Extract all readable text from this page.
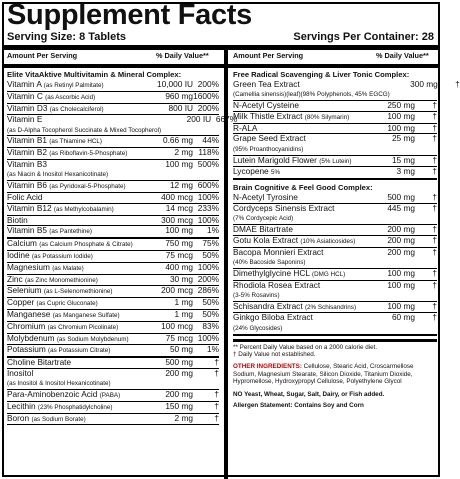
Supplement Facts
Serving Size: 8 Tablets	Servings Per Container: 28
Amount Per Serving	% Daily Value**	Amount Per Serving	% Daily Value**
Elite VitaAktive Multivitamin & Mineral Complex:
Vitamin A (as Retinyl Palmitate)	10,000 IU 200%
Vitamin C (as Ascorbic Acid)	960 mg 1600%
Vitamin D3 (as Cholecalciferol)	800 IU 200%
Vitamin E
(as D-Alpha Tocopherol Succinate & Mixed Tocopherol)
200 IU 667%
Vitamin B1 (as Thiamine HCL)	0.66 mg	44%
Vitamin B2 (as Riboflavin-5-Phosphate)	2 mg 118%
Vitamin B3
(as Niacin & Inositol Hexanicotinate)
100 mg 500%
Vitamin B6 (as Pyridoxal-5-Phosphate)	12 mg 600%
Folic Acid	400 mcg 100%
Vitamin B12 (as Methylcobalamin)	14 mcg 233%
Biotin	300 mcg 100%
Vitamin B5 (as Pantethine)	100 mg	1%
Calcium (as Calcium Phosphate & Citrate)	750 mg	75%
Iodine (as Potassium Iodide)	75 mcg	50%
Magnesium (as Malate)	400 mg 100%
Zinc (as Zinc Monomethionine)	30 mg 200%
Selenium (as L-Selenomethionine)	200 mcg 286%
Copper (as Cupric Gluconate)	1 mg	50%
Manganese (as Manganese Sulfate)	1 mg	50%
Chromium (as Chromium Picolinate)	100 mcg	83%
Molybdenum (as Sodium Molybdenum)	75 mcg 100%
Potassium (as Potassium Citrate)	50 mg	1%
Choline Bitartrate	500 mg	†
Inositol
(as Inositol & Inositol Hexanicotinate)
200 mg	†
Para-Aminobenzoic Acid (PABA)	200 mg	†
Lecithin (23% Phosphatidylcholine)	150 mg	†
Boron (as Sodium Borate)	2 mg	†
Free Radical Scavenging & Liver Tonic Complex:
Green Tea Extract
(Camellia sinensis)(leaf)(98% Polyphenols, 45% EGCG)
300 mg	†
N-Acetyl Cysteine	250 mg	†
Milk Thistle Extract (80% Silymarin)	100 mg	†
R-ALA	100 mg	†
Grape Seed Extract
(95% Proanthocyanidins)
25 mg	†
Lutein Marigold Flower (5% Lutein)	15 mg	†
Lycopene 5%	3 mg	†
Brain Cognitive & Feel Good Complex:
N-Acetyl Tyrosine	500 mg	†
Cordyceps Sinensis Extract
(7% Cordycepic Acid)
445 mg	†
DMAE Bitartrate	200 mg	†
Gotu Kola Extract (10% Asiaticosides)	200 mg	†
Bacopa Monnieri Extract
(40% Bacoside Saponins)
200 mg	†
Dimethylglycine HCL (DMG HCL)	100 mg	†
Rhodiola Rosea Extract
(3-5% Rosavins)
100 mg	†
Schisandra Extract (2% Schisandrins)	100 mg	†
Ginkgo Biloba Extract
(24% Glycosides)
60 mg	†
** Percent Daily Value based on a 2000 calorie diet.
† Daily Value not established.
OTHER INGREDIENTS: Cellulose, Stearic Acid, Croscarmellose Sodium, Magnesium Stearate, Silicon Dioxide, Titanium Dioxide, Hypromellose, Hydroxypropyl Cellulose, Polyethylene Glycol
NO Yeast, Wheat, Sugar, Salt, Dairy, or Fish added.
Allergen Statement: Contains Soy and Corn
